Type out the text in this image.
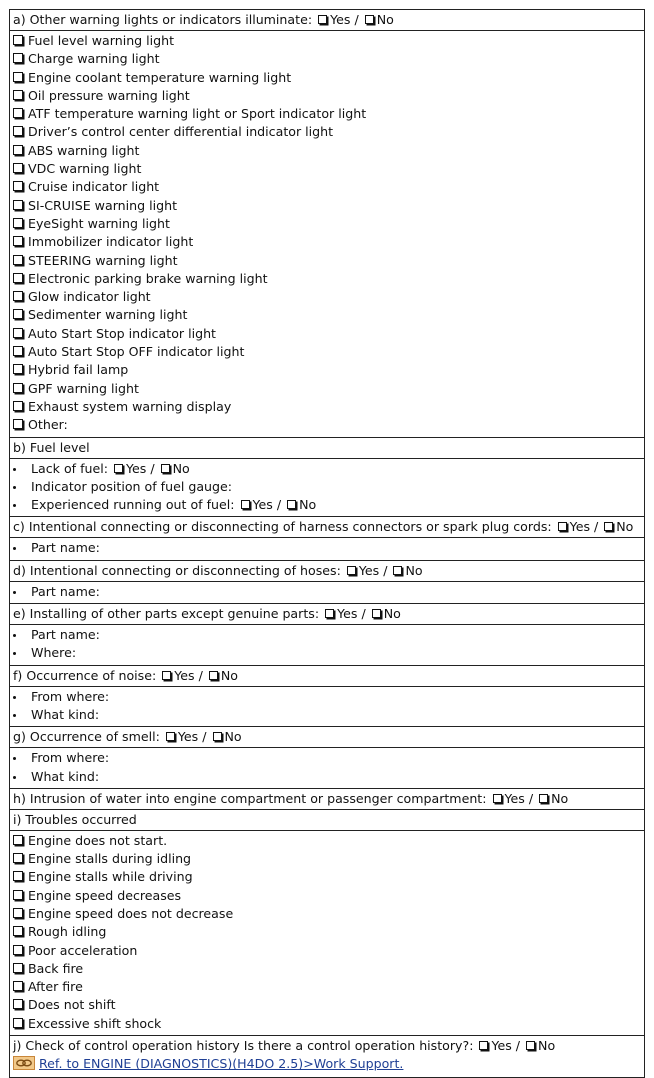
a) Other warning lights or indicators illuminate: Yes / No
Fuel level warning light
Charge warning light
Engine coolant temperature warning light
Oil pressure warning light
ATF temperature warning light or Sport indicator light
Driver’s control center differential indicator light
ABS warning light
VDC warning light
Cruise indicator light
SI-CRUISE warning light
EyeSight warning light
Immobilizer indicator light
STEERING warning light
Electronic parking brake warning light
Glow indicator light
Sedimenter warning light
Auto Start Stop indicator light
Auto Start Stop OFF indicator light
Hybrid fail lamp
GPF warning light
Exhaust system warning display
Other:
b) Fuel level
Lack of fuel: Yes / No
Indicator position of fuel gauge:
Experienced running out of fuel: Yes / No
c) Intentional connecting or disconnecting of harness connectors or spark plug cords: Yes / No
Part name:
d) Intentional connecting or disconnecting of hoses: Yes / No
Part name:
e) Installing of other parts except genuine parts: Yes / No
Part name:
Where:
f) Occurrence of noise: Yes / No
From where:
What kind:
g) Occurrence of smell: Yes / No
From where:
What kind:
h) Intrusion of water into engine compartment or passenger compartment: Yes / No
i) Troubles occurred
Engine does not start.
Engine stalls during idling
Engine stalls while driving
Engine speed decreases
Engine speed does not decrease
Rough idling
Poor acceleration
Back fire
After fire
Does not shift
Excessive shift shock
j) Check of control operation history Is there a control operation history?: Yes / No
Ref. to ENGINE (DIAGNOSTICS)(H4DO 2.5)>Work Support.
